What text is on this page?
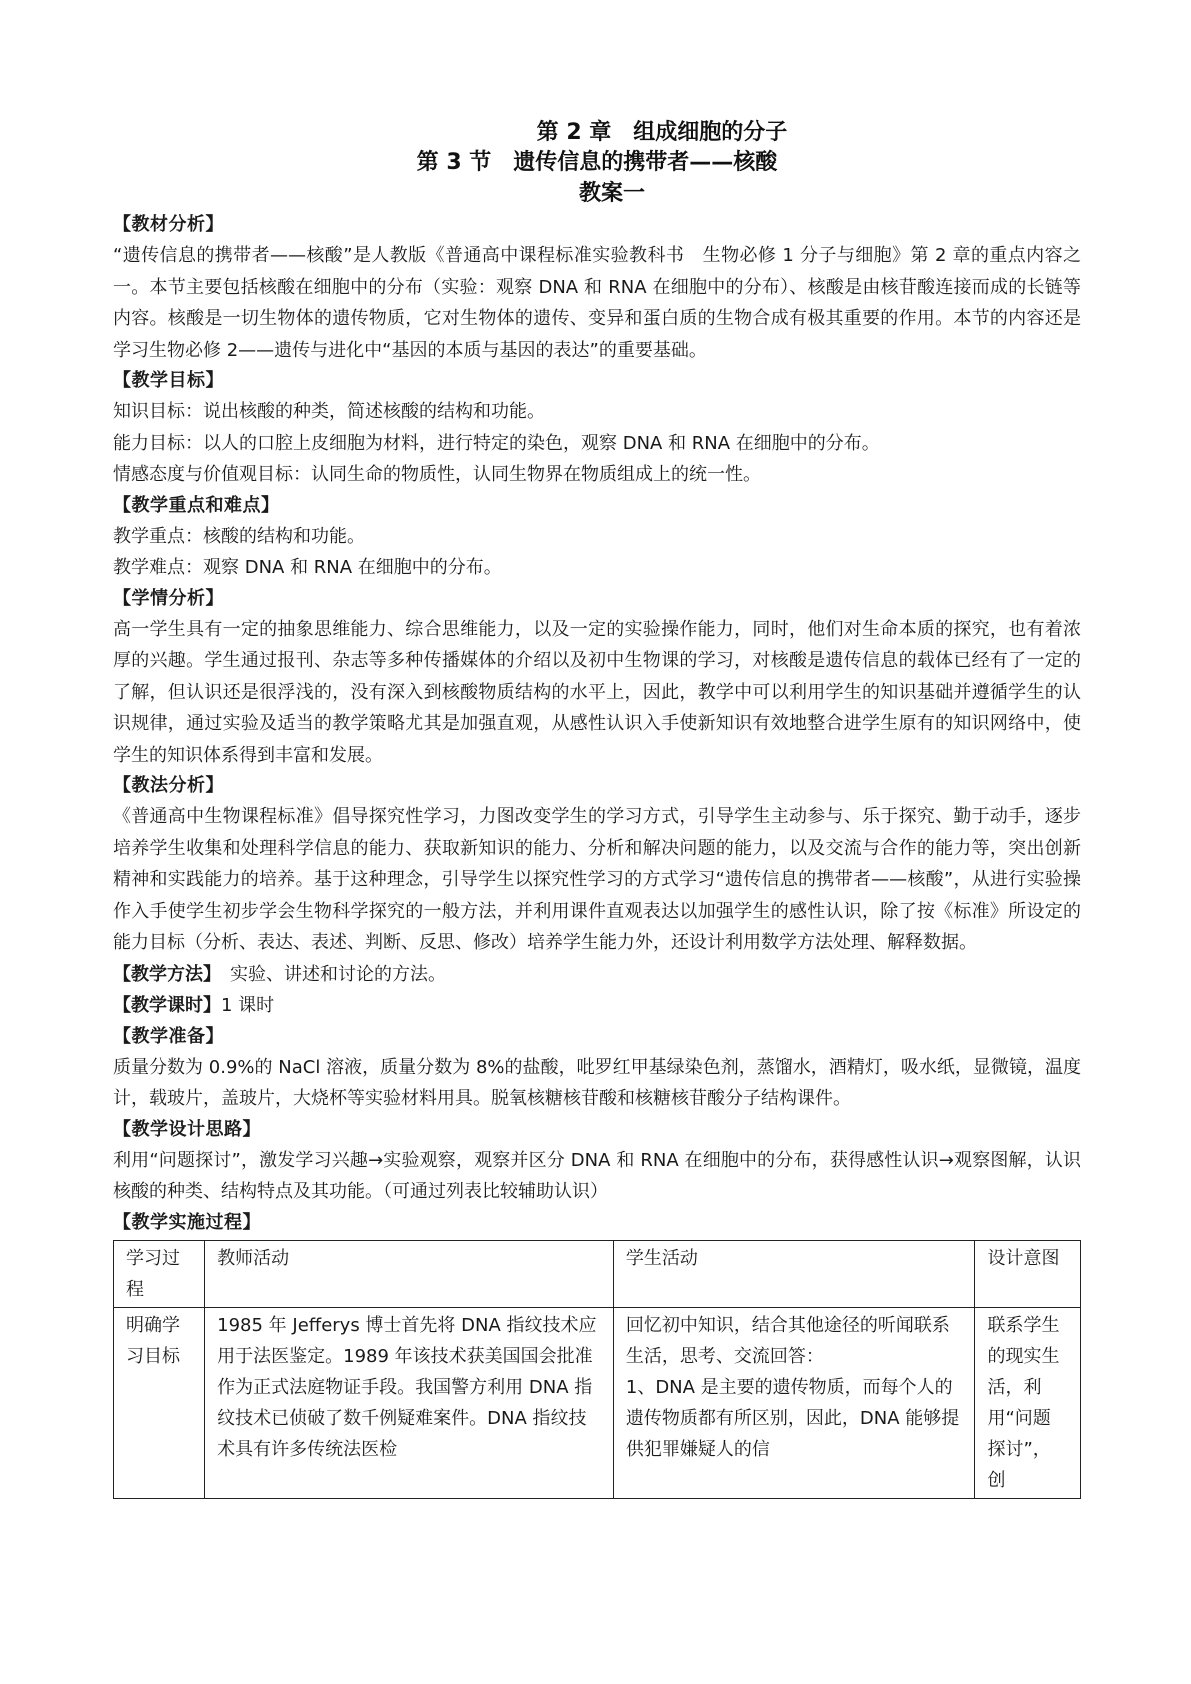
第 2 章　组成细胞的分子
第 3 节　遗传信息的携带者——核酸
教案一
【教材分析】

“遗传信息的携带者——核酸”是人教版《普通高中课程标准实验教科书　生物必修 1 分子与细胞》第 2 章的重点内容之一。本节主要包括核酸在细胞中的分布（实验：观察 DNA 和 RNA 在细胞中的分布）、核酸是由核苷酸连接而成的长链等内容。核酸是一切生物体的遗传物质，它对生物体的遗传、变异和蛋白质的生物合成有极其重要的作用。本节的内容还是学习生物必修 2——遗传与进化中“基因的本质与基因的表达”的重要基础。

【教学目标】

知识目标：说出核酸的种类，简述核酸的结构和功能。

能力目标：以人的口腔上皮细胞为材料，进行特定的染色，观察 DNA 和 RNA 在细胞中的分布。

情感态度与价值观目标：认同生命的物质性，认同生物界在物质组成上的统一性。

【教学重点和难点】

教学重点：核酸的结构和功能。

教学难点：观察 DNA 和 RNA 在细胞中的分布。

【学情分析】

高一学生具有一定的抽象思维能力、综合思维能力，以及一定的实验操作能力，同时，他们对生命本质的探究，也有着浓厚的兴趣。学生通过报刊、杂志等多种传播媒体的介绍以及初中生物课的学习，对核酸是遗传信息的载体已经有了一定的了解，但认识还是很浮浅的，没有深入到核酸物质结构的水平上，因此，教学中可以利用学生的知识基础并遵循学生的认识规律，通过实验及适当的教学策略尤其是加强直观，从感性认识入手使新知识有效地整合进学生原有的知识网络中，使学生的知识体系得到丰富和发展。

【教法分析】

《普通高中生物课程标准》倡导探究性学习，力图改变学生的学习方式，引导学生主动参与、乐于探究、勤于动手，逐步培养学生收集和处理科学信息的能力、获取新知识的能力、分析和解决问题的能力，以及交流与合作的能力等，突出创新精神和实践能力的培养。基于这种理念，引导学生以探究性学习的方式学习“遗传信息的携带者——核酸”，从进行实验操作入手使学生初步学会生物科学探究的一般方法，并利用课件直观表达以加强学生的感性认识，除了按《标准》所设定的能力目标（分析、表达、表述、判断、反思、修改）培养学生能力外，还设计利用数学方法处理、解释数据。

【教学方法】　实验、讲述和讨论的方法。

【教学课时】1 课时

【教学准备】

质量分数为 0.9%的 NaCl 溶液，质量分数为 8%的盐酸，吡罗红甲基绿染色剂，蒸馏水，酒精灯，吸水纸，显微镜，温度计，载玻片，盖玻片，大烧杯等实验材料用具。脱氧核糖核苷酸和核糖核苷酸分子结构课件。

【教学设计思路】

利用“问题探讨”，激发学习兴趣→实验观察，观察并区分 DNA 和 RNA 在细胞中的分布，获得感性认识→观察图解，认识核酸的种类、结构特点及其功能。（可通过列表比较辅助认识）

【教学实施过程】
学习过程	教师活动	学生活动	设计意图
明确学习目标	1985 年 Jefferys 博士首先将 DNA 指纹技术应用于法医鉴定。1989 年该技术获美国国会批准作为正式法庭物证手段。我国警方利用 DNA 指纹技术已侦破了数千例疑难案件。DNA 指纹技术具有许多传统法医检	回忆初中知识，结合其他途径的听闻联系生活，思考、交流回答：
1、DNA 是主要的遗传物质，而每个人的遗传物质都有所区别，因此，DNA 能够提供犯罪嫌疑人的信	联系学生的现实生活，利用“问题探讨”，创
